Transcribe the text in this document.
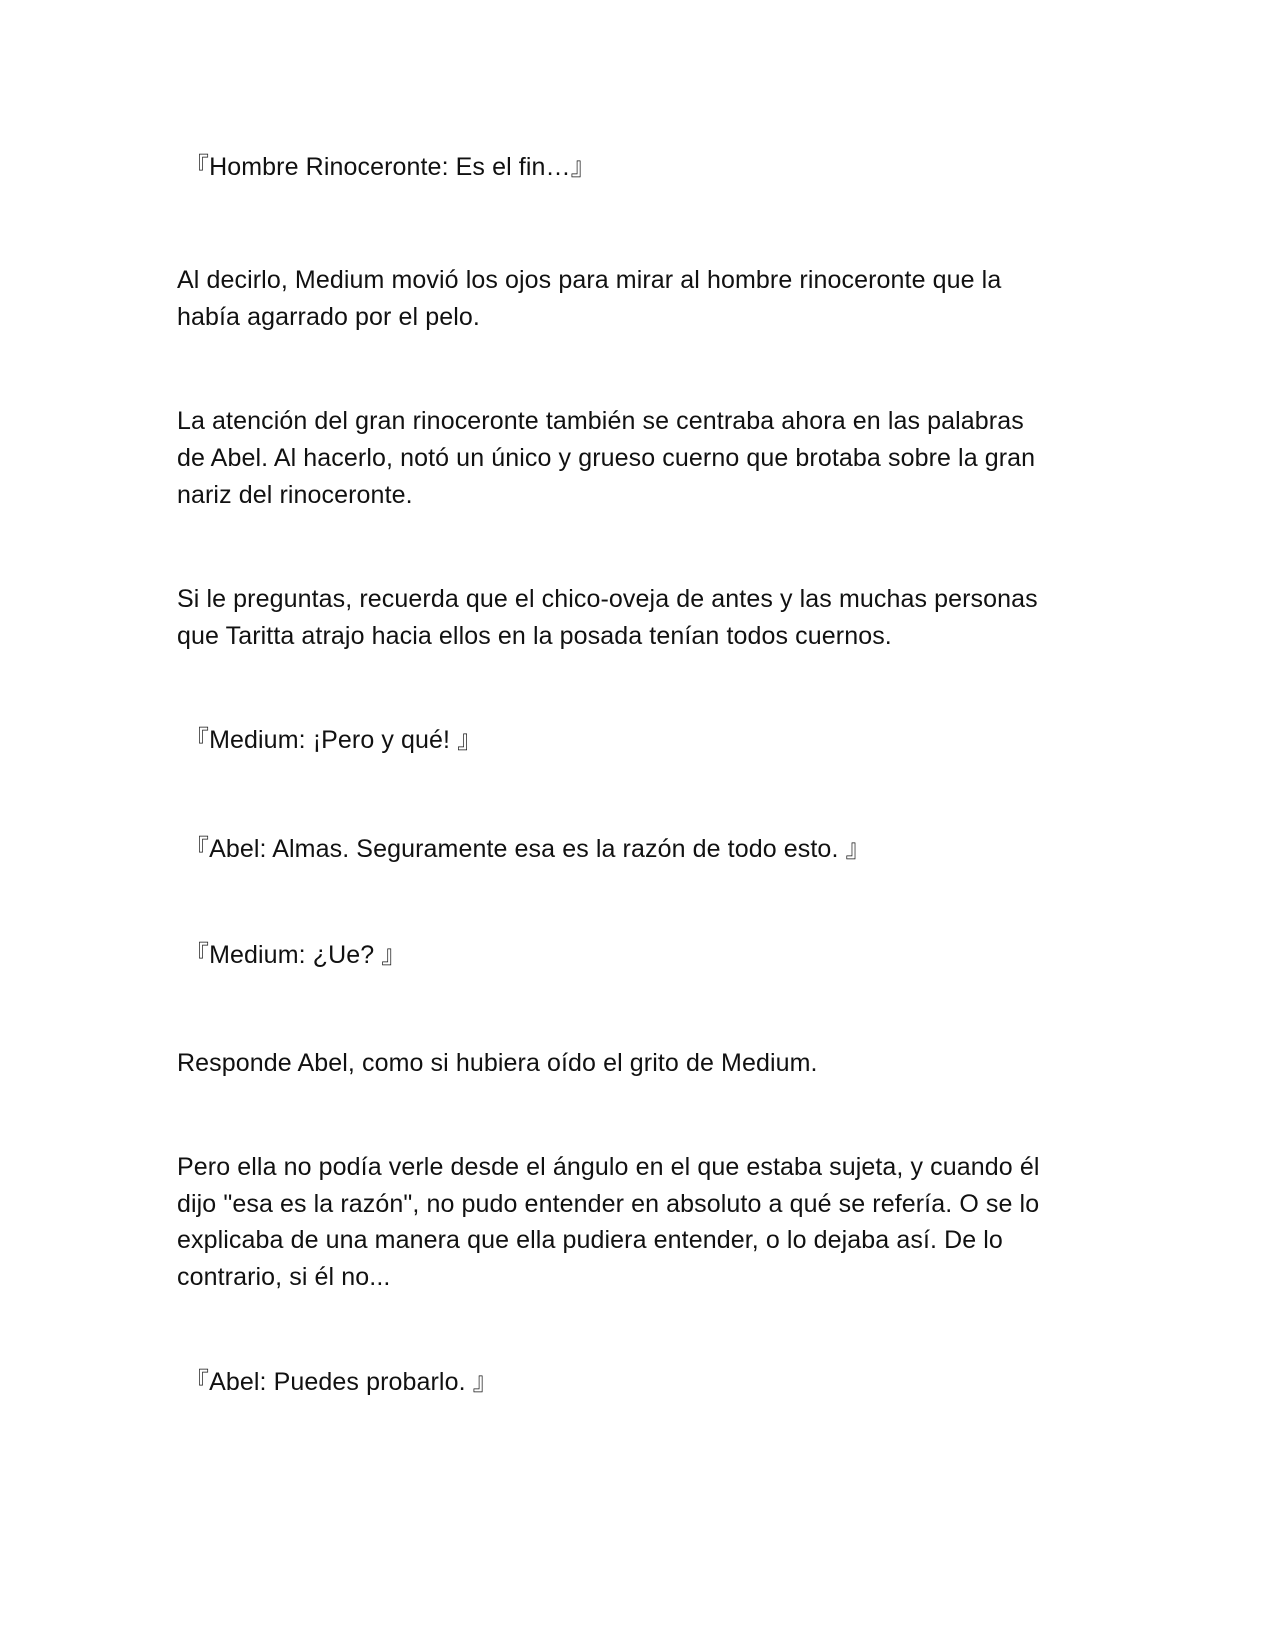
『Hombre Rinoceronte: Es el fin…』
Al decirlo, Medium movió los ojos para mirar al hombre rinoceronte que la
había agarrado por el pelo.
La atención del gran rinoceronte también se centraba ahora en las palabras
de Abel. Al hacerlo, notó un único y grueso cuerno que brotaba sobre la gran
nariz del rinoceronte.
Si le preguntas, recuerda que el chico-oveja de antes y las muchas personas
que Taritta atrajo hacia ellos en la posada tenían todos cuernos.
『Medium: ¡Pero y qué! 』
『Abel: Almas. Seguramente esa es la razón de todo esto. 』
『Medium: ¿Ue? 』
Responde Abel, como si hubiera oído el grito de Medium.
Pero ella no podía verle desde el ángulo en el que estaba sujeta, y cuando él
dijo "esa es la razón", no pudo entender en absoluto a qué se refería. O se lo
explicaba de una manera que ella pudiera entender, o lo dejaba así. De lo
contrario, si él no...
『Abel: Puedes probarlo. 』
